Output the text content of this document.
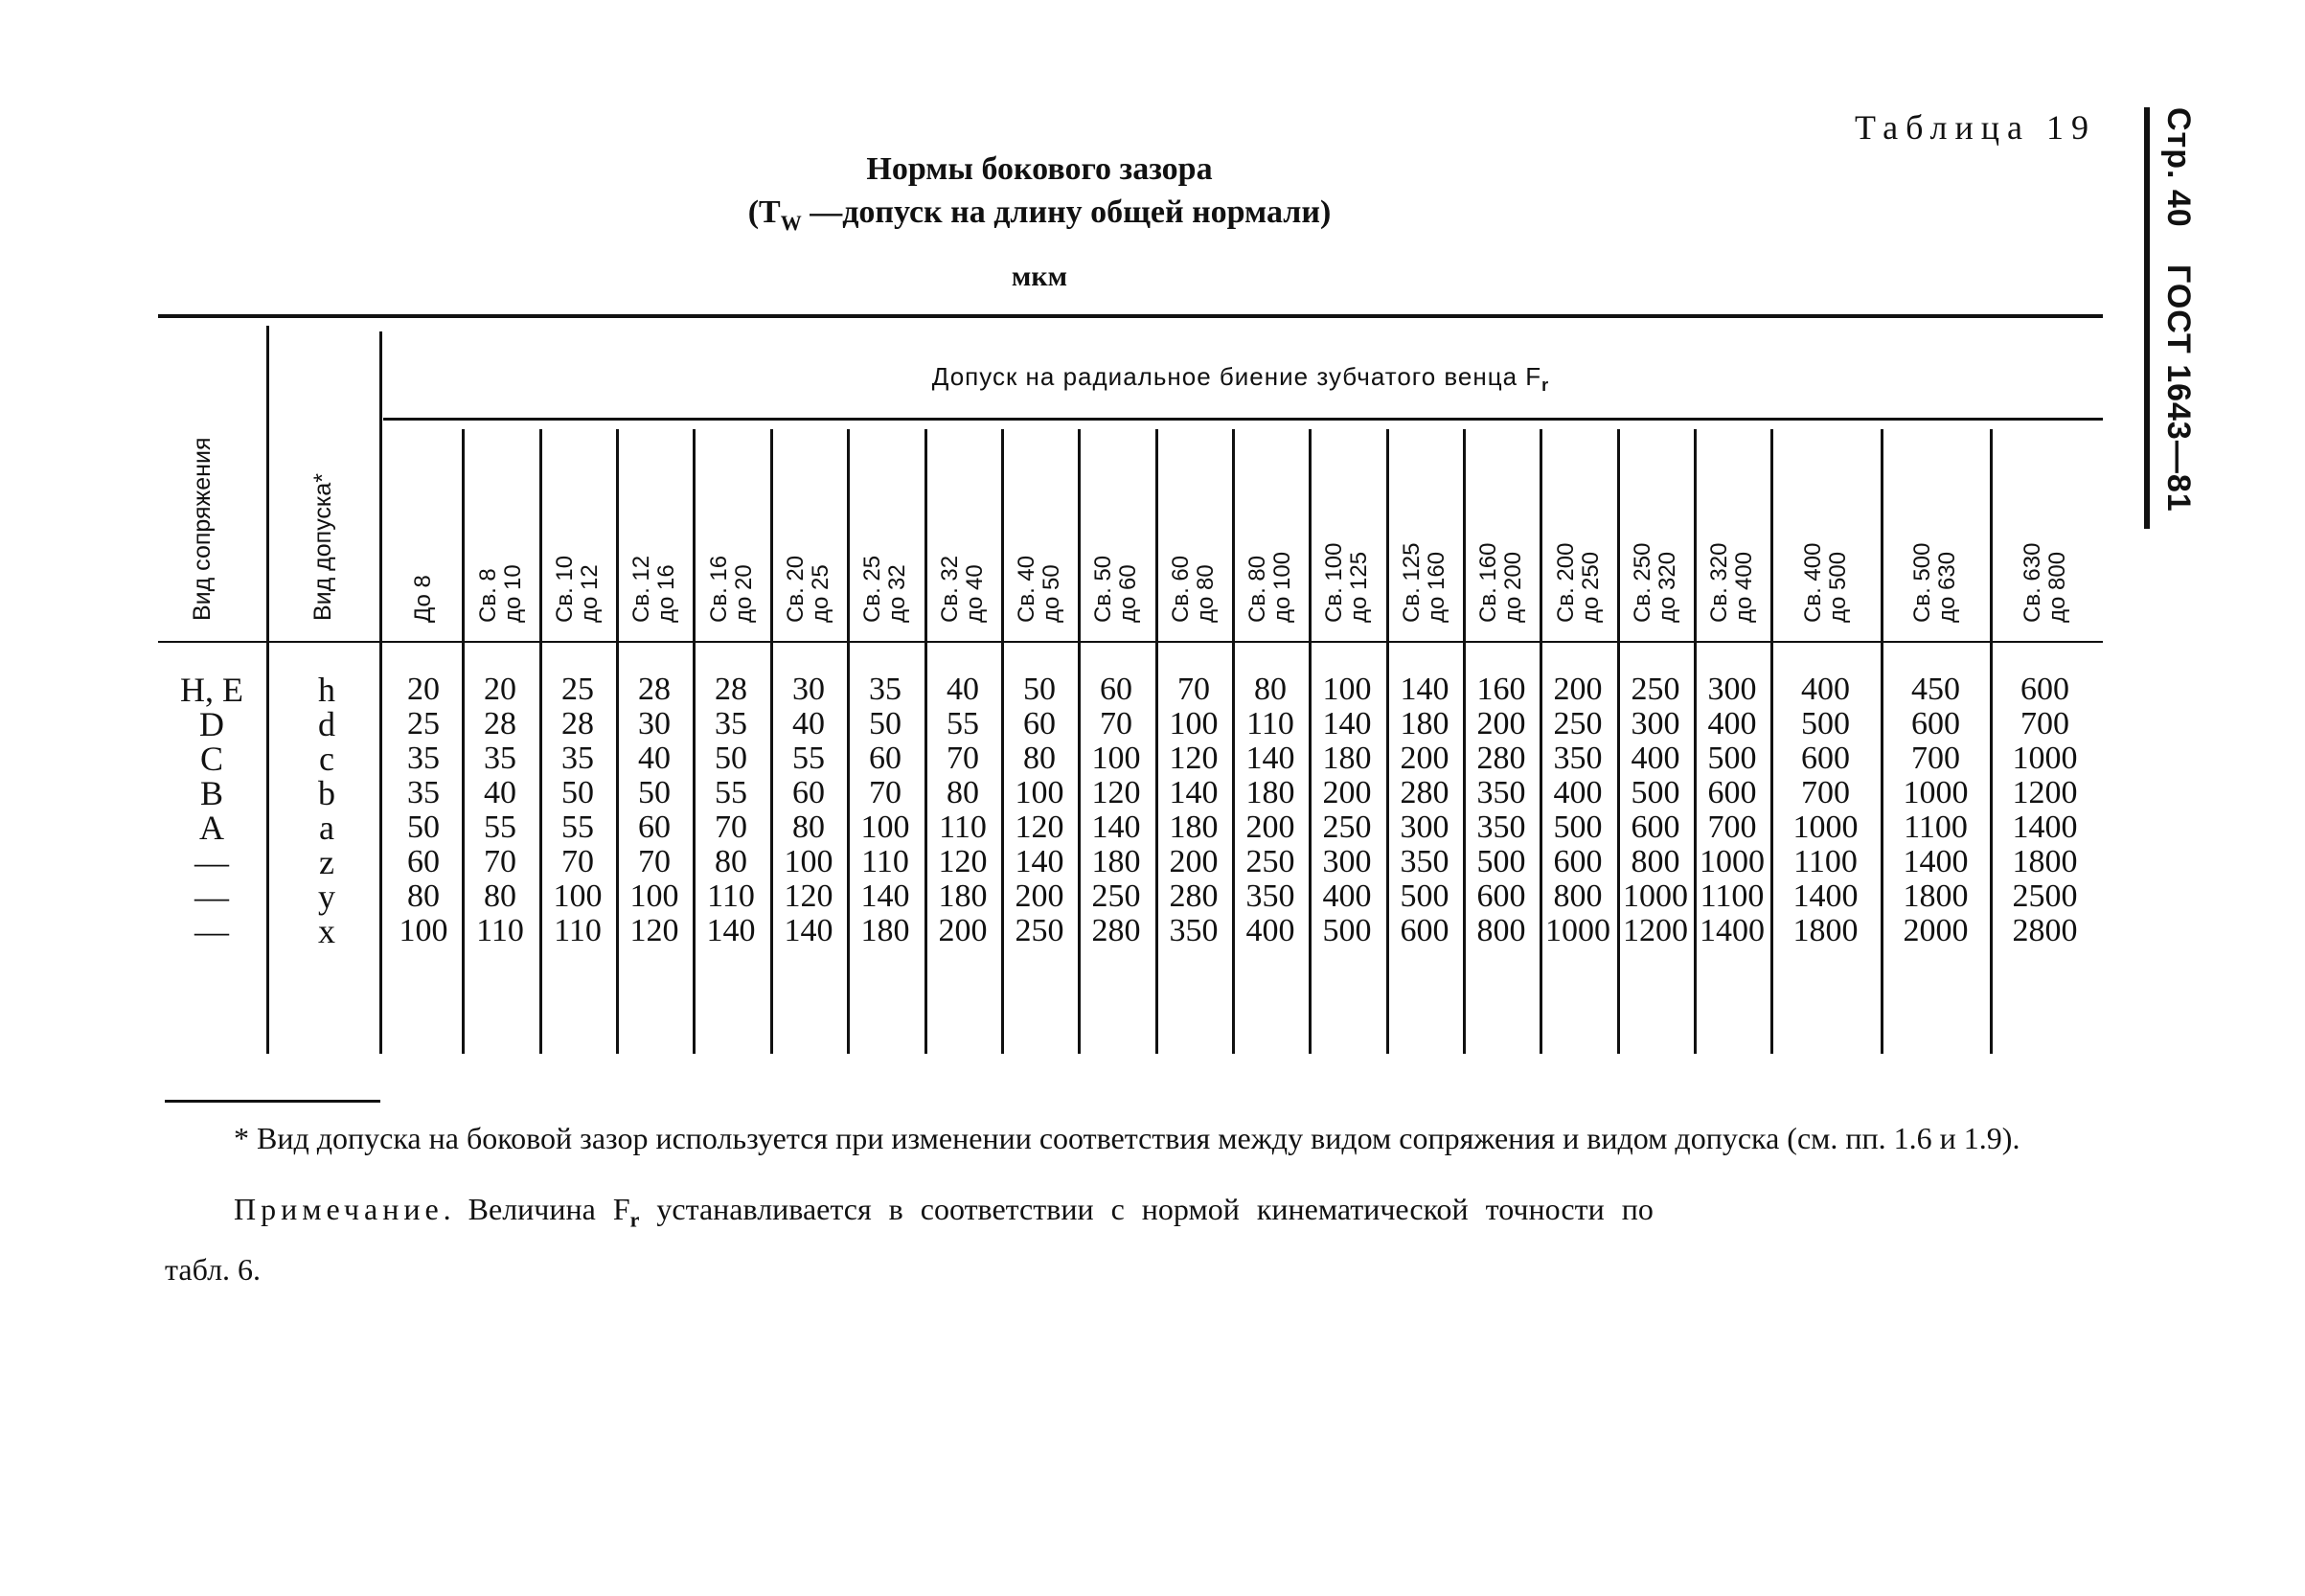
Стр. 40 ГОСТ 1643—81
Таблица 19
Нормы бокового зазора
($T_W$ —допуск на длину общей нормали)
мкм
Вид сопряжения	Вид допуска*
Допуск на радиальное биение зубчатого венца $F_r$
До 8 Св. 8
до 10
Св. 10
до 12
Св. 12
до 16
Св. 16
до 20
Св. 20
до 25
Св. 25
до 32
Св. 32
до 40
Св. 40
до 50
Св. 50
до 60
Св. 60
до 80
Св. 80
до 100
Св. 100
до 125
Св. 125
до 160
Св. 160
до 200
Св. 200
до 250
Св. 250
до 320
Св. 320
до 400
Св. 400
до 500
Св. 500
до 630
Св. 630
до 800
H, E
D
C
B
A
—
—
—
h
d
c
b
a
z
y
x
20
25
35
35
50
60
80
100
20
28
35
40
55
70
80
110
25
28
35
50
55
70
100
110
28
30
40
50
60
70
100
120
28
35
50
55
70
80
110
140
30
40
55
60
80
100
120
140
35
50
60
70
100
110
140
180
40
55
70
80
110
120
180
200
50
60
80
100
120
140
200
250
60
70
100
120
140
180
250
280
70
100
120
140
180
200
280
350
80
110
140
180
200
250
350
400
100
140
180
200
250
300
400
500
140
180
200
280
300
350
500
600
160
200
280
350
350
500
600
800
200
250
350
400
500
600
800
1000
250
300
400
500
600
800
1000
1200
300
400
500
600
700
1000
1100
1400
400
500
600
700
1000
1100
1400
1800
450
600
700
1000
1100
1400
1800
2000
600
700
1000
1200
1400
1800
2500
2800
* Вид допуска на боковой зазор используется при изменении соответствия между видом сопряжения и видом допуска (см. пп. 1.6 и 1.9).
Примечание. Величина $F_r$ устанавливается в соответствии с нормой кинематической точности по
табл. 6.
